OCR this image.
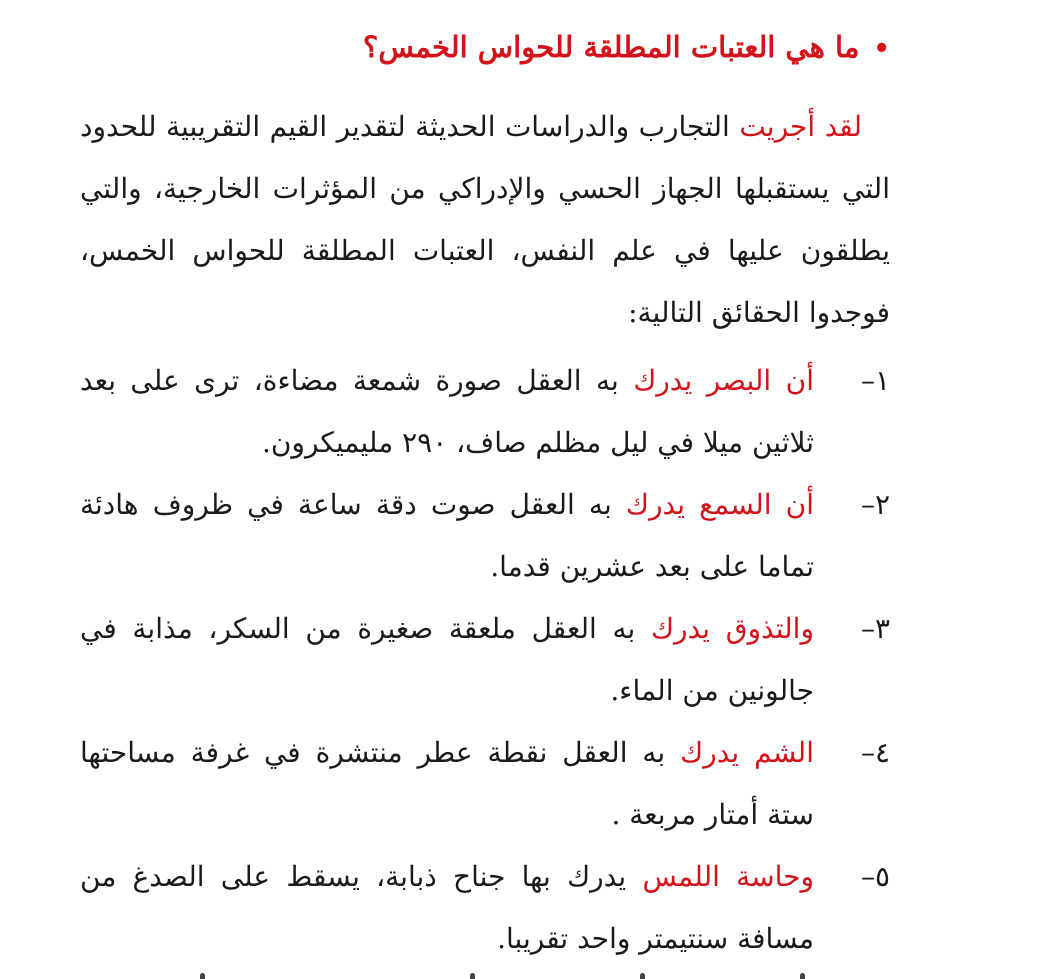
•ما هي العتبات المطلقة للحواس الخمس؟

لقد أجريت التجارب والدراسات الحديثة لتقدير القيم التقريبية للحدود التي يستقبلها الجهاز الحسي والإدراكي من المؤثرات الخارجية، والتي يطلقون عليها في علم النفس، العتبات المطلقة للحواس الخمس، فوجدوا الحقائق التالية:

١–
أن البصر يدرك به العقل صورة شمعة مضاءة، ترى على بعد ثلاثين ميلا في ليل مظلم صاف، ٢٩٠ مليميكرون.
٢–
أن السمع يدرك به العقل صوت دقة ساعة في ظروف هادئة تماما على بعد عشرين قدما.
٣–
والتذوق يدرك به العقل ملعقة صغيرة من السكر، مذابة في جالونين من الماء.
٤–
الشم يدرك به العقل نقطة عطر منتشرة في غرفة مساحتها ستة أمتار مربعة .
٥–
وحاسة اللمس يدرك بها جناح ذبابة، يسقط على الصدغ من مسافة سنتيمتر واحد تقريبا.
